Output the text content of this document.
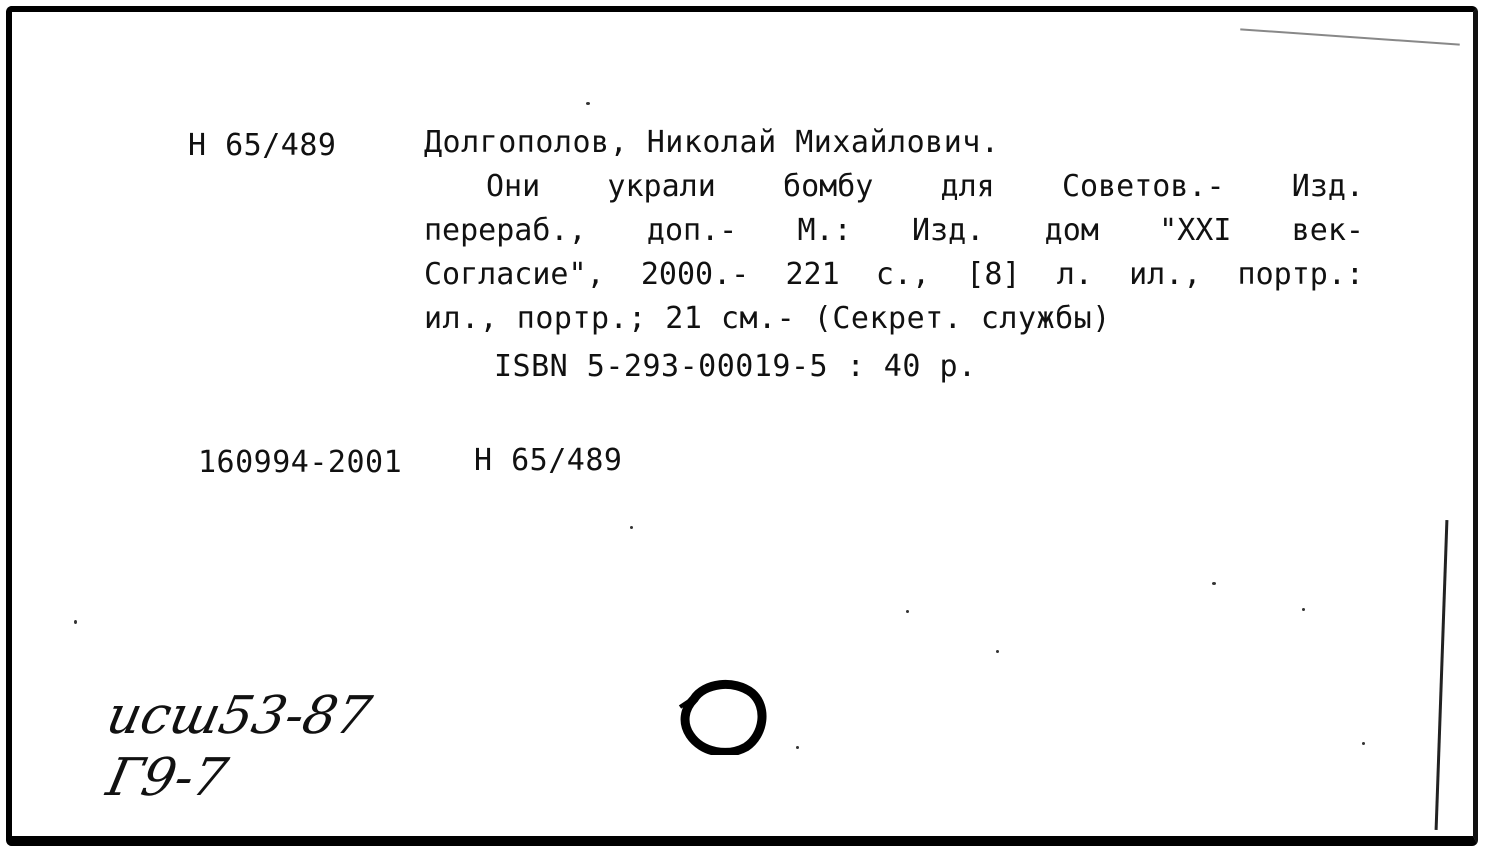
Н 65/489	Долгополов, Николай Михайлович.
Они украли бомбу для Советов.- Изд.
перераб., доп.- М.: Изд. дом "XXI век-
Согласие", 2000.- 221 с., [8] л. ил., портр.:
ил., портр.; 21 см.- (Секрет. службы)
ISBN 5-293-00019-5 : 40 р.
160994-2001 Н 65/489
исш53-87
Г9-7
